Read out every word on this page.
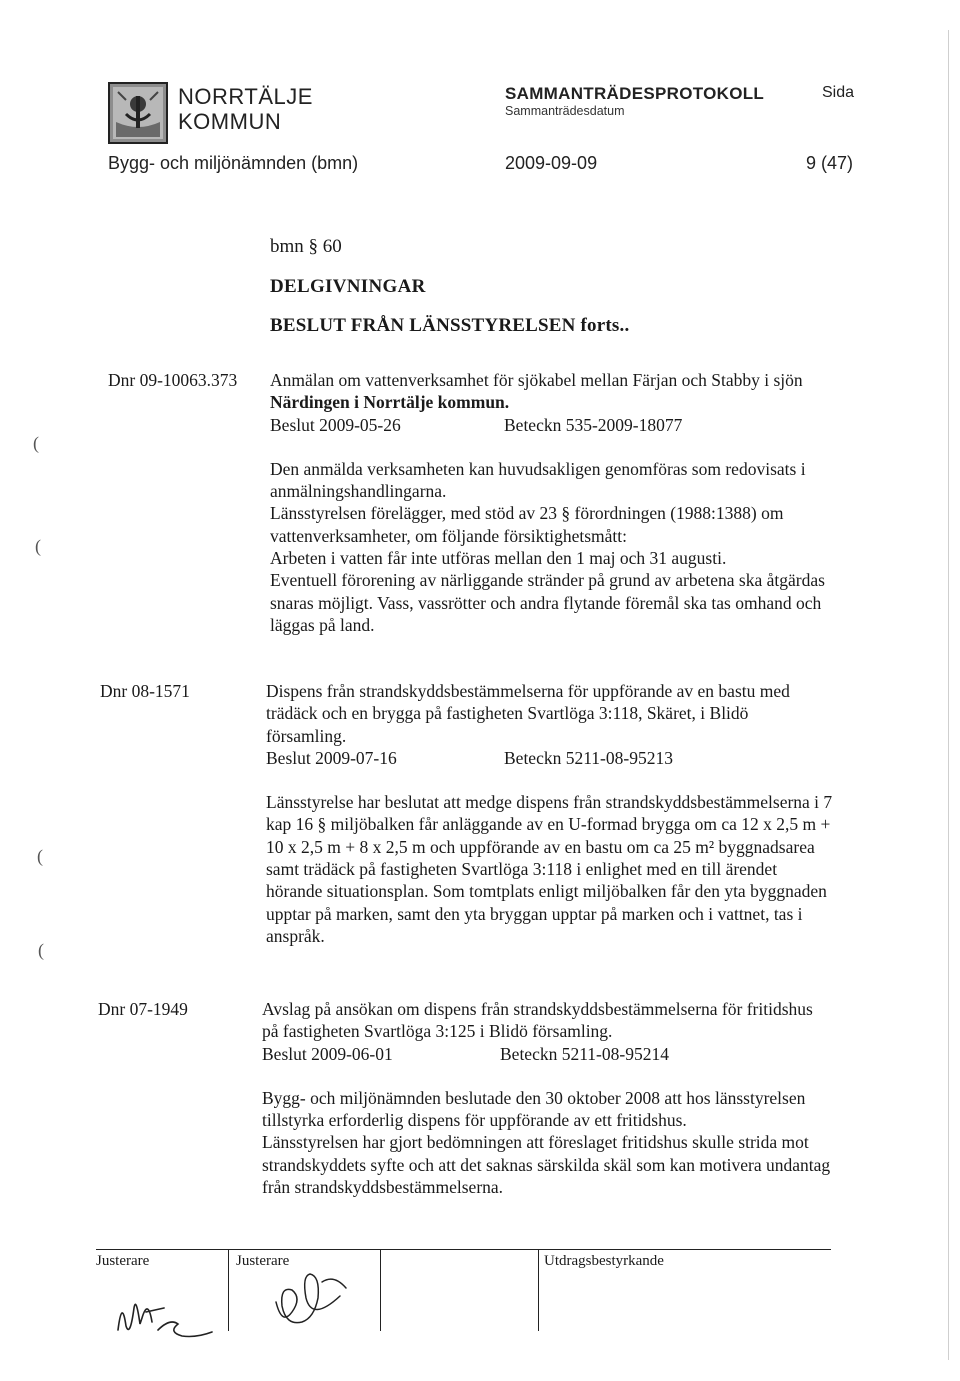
NORRTÄLJE
KOMMUN
SAMMANTRÄDESPROTOKOLL
Sammanträdesdatum
Sida
Bygg- och miljönämnden (bmn)	2009-09-09	9 (47)
bmn § 60
DELGIVNINGAR
BESLUT FRÅN LÄNSSTYRELSEN forts..
Dnr 09-10063.373 Anmälan om vattenverksamhet för sjökabel mellan Färjan och Stabby i sjön

Närdingen i Norrtälje kommun.

Beslut 2009-05-26	Beteckn 535-2009-18077

Den anmälda verksamheten kan huvudsakligen genomföras som redovisats i

anmälningshandlingarna.

Länsstyrelsen förelägger, med stöd av 23 § förordningen (1988:1388) om

vattenverksamheter, om följande försiktighetsmått:

Arbeten i vatten får inte utföras mellan den 1 maj och 31 augusti.

Eventuell förorening av närliggande stränder på grund av arbetena ska åtgärdas

snaras möjligt. Vass, vassrötter och andra flytande föremål ska tas omhand och

läggas på land.

Dnr 08-1571	Dispens från strandskyddsbestämmelserna för uppförande av en bastu med

trädäck och en brygga på fastigheten Svartlöga 3:118, Skäret, i Blidö

församling.

Beslut 2009-07-16	Beteckn 5211-08-95213

Länsstyrelse har beslutat att medge dispens från strandskyddsbestämmelserna i 7

kap 16 § miljöbalken får anläggande av en U-formad brygga om ca 12 x 2,5 m +

10 x 2,5 m + 8 x 2,5 m och uppförande av en bastu om ca 25 m² byggnadsarea

samt trädäck på fastigheten Svartlöga 3:118 i enlighet med en till ärendet

hörande situationsplan. Som tomtplats enligt miljöbalken får den yta byggnaden

upptar på marken, samt den yta bryggan upptar på marken och i vattnet, tas i

anspråk.

Dnr 07-1949	Avslag på ansökan om dispens från strandskyddsbestämmelserna för fritidshus

på fastigheten Svartlöga 3:125 i Blidö församling.

Beslut 2009-06-01	Beteckn 5211-08-95214

Bygg- och miljönämnden beslutade den 30 oktober 2008 att hos länsstyrelsen

tillstyrka erforderlig dispens för uppförande av ett fritidshus.

Länsstyrelsen har gjort bedömningen att föreslaget fritidshus skulle strida mot

strandskyddets syfte och att det saknas särskilda skäl som kan motivera undantag

från strandskyddsbestämmelserna.

Justerare	Justerare	Utdragsbestyrkande
(
(
(
(
